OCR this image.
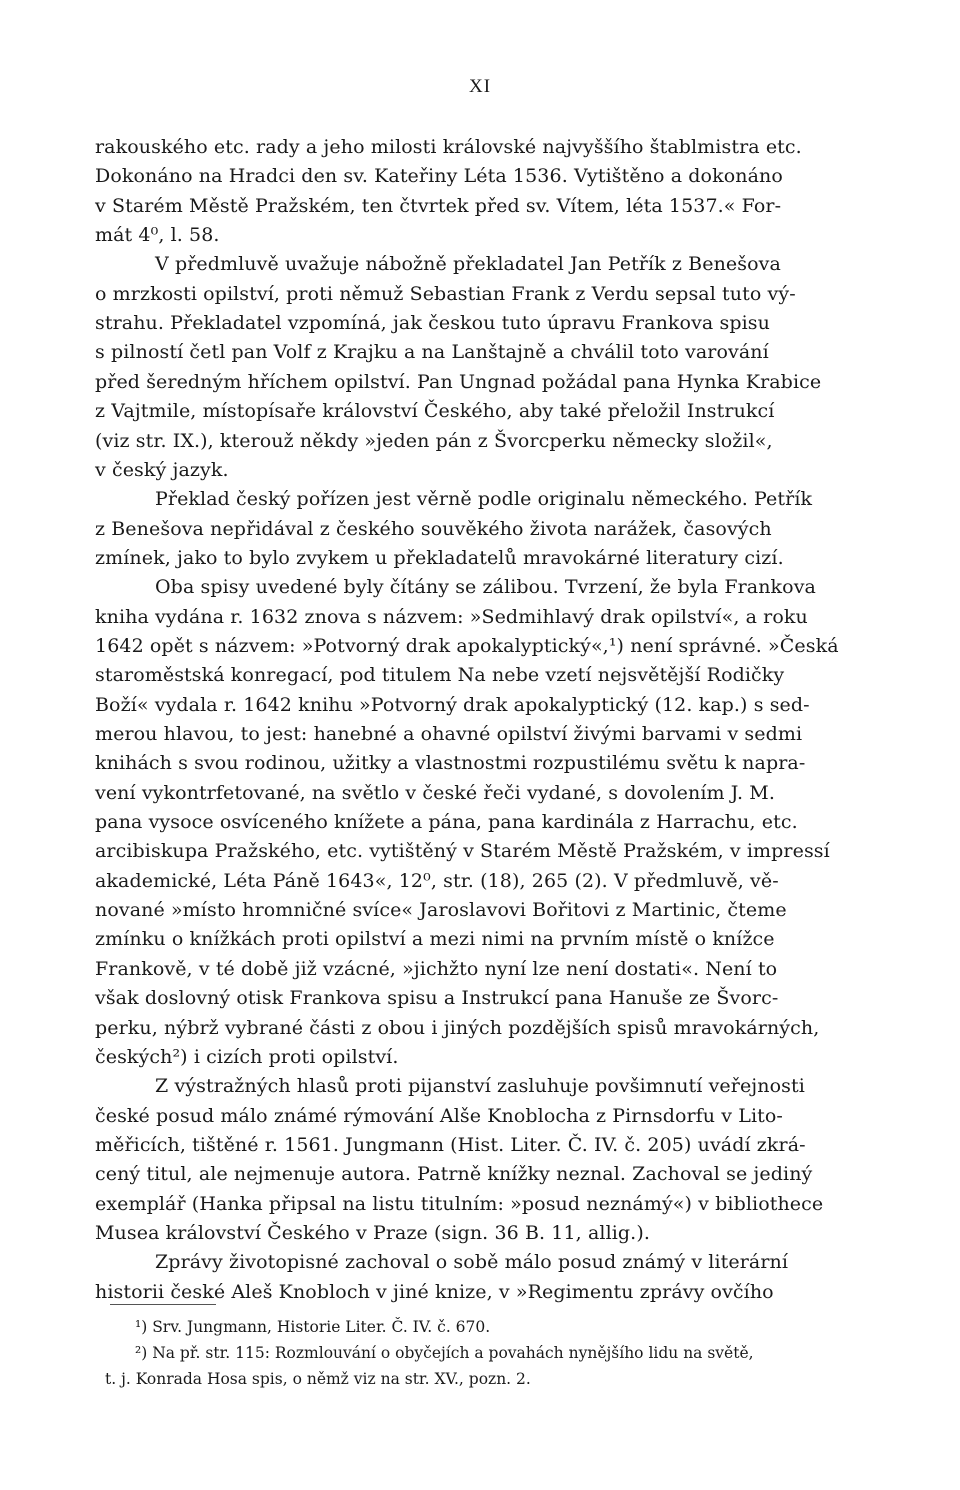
XI
rakouského etc. rady a jeho milosti královské najvyššího štablmistra etc.
Dokonáno na Hradci den sv. Kateřiny Léta 1536. Vytištěno a dokonáno
v Starém Městě Pražském, ten čtvrtek před sv. Vítem, léta 1537.« For-
mát 4⁰, l. 58.
V předmluvě uvažuje nábožně překladatel Jan Petřík z Benešova
o mrzkosti opilství, proti němuž Sebastian Frank z Verdu sepsal tuto vý-
strahu. Překladatel vzpomíná, jak českou tuto úpravu Frankova spisu
s pilností četl pan Volf z Krajku a na Lanštajně a chválil toto varování
před šeredným hříchem opilství. Pan Ungnad požádal pana Hynka Krabice
z Vajtmile, místopísaře království Českého, aby také přeložil Instrukcí
(viz str. IX.), kterouž někdy »jeden pán z Švorcperku německy složil«,
v český jazyk.
Překlad český pořízen jest věrně podle originalu německého. Petřík
z Benešova nepřidával z českého souvěkého života narážek, časových
zmínek, jako to bylo zvykem u překladatelů mravokárné literatury cizí.
Oba spisy uvedené byly čítány se zálibou. Tvrzení, že byla Frankova
kniha vydána r. 1632 znova s názvem: »Sedmihlavý drak opilství«, a roku
1642 opět s názvem: »Potvorný drak apokalyptický«,¹) není správné. »Česká
staroměstská konregací, pod titulem Na nebe vzetí nejsvětější Rodičky
Boží« vydala r. 1642 knihu »Potvorný drak apokalyptický (12. kap.) s sed-
merou hlavou, to jest: hanebné a ohavné opilství živými barvami v sedmi
knihách s svou rodinou, užitky a vlastnostmi rozpustilému světu k naprа-
vení vykontrfetované, na světlo v české řeči vydané, s dovolením J. M.
pana vysoce osvíceného knížete a pána, pana kardinála z Harrachu, etc.
arcibiskupa Pražského, etc. vytištěný v Starém Městě Pražském, v impressí
akademické, Léta Páně 1643«, 12⁰, str. (18), 265 (2). V předmluvě, vě-
nované »místo hromničné svíce« Jaroslavovi Bořitovi z Martinic, čteme
zmínku o knížkách proti opilství a mezi nimi na prvním místě o knížce
Frankově, v té době již vzácné, »jichžto nyní lze není dostati«. Není to
však doslovný otisk Frankova spisu a Instrukcí pana Hanuše ze Švorc-
perku, nýbrž vybrané části z obou i jiných pozdějších spisů mravokárných,
českých²) i cizích proti opilství.
Z výstražných hlasů proti pijanství zasluhuje povšimnutí veřejnosti
české posud málo známé rýmování Alše Knoblocha z Pirnsdorfu v Lito-
měřicích, tištěné r. 1561. Jungmann (Hist. Liter. Č. IV. č. 205) uvádí zkrá-
cený titul, ale nejmenuje autora. Patrně knížky neznal. Zachoval se jediný
exemplář (Hanka připsal na listu titulním: »posud neznámý«) v bibliothece
Musea království Českého v Praze (sign. 36 B. 11, allig.).
Zprávy životopisné zachoval o sobě málo posud známý v literární
historii české Aleš Knobloch v jiné knize, v »Regimentu zprávy ovčího
¹) Srv. Jungmann, Historie Liter. Č. IV. č. 670.
²) Na př. str. 115: Rozmlouvání o obyčejích a povahách nynějšího lidu na světě,
t. j. Konrada Hosa spis, o němž viz na str. XV., pozn. 2.
